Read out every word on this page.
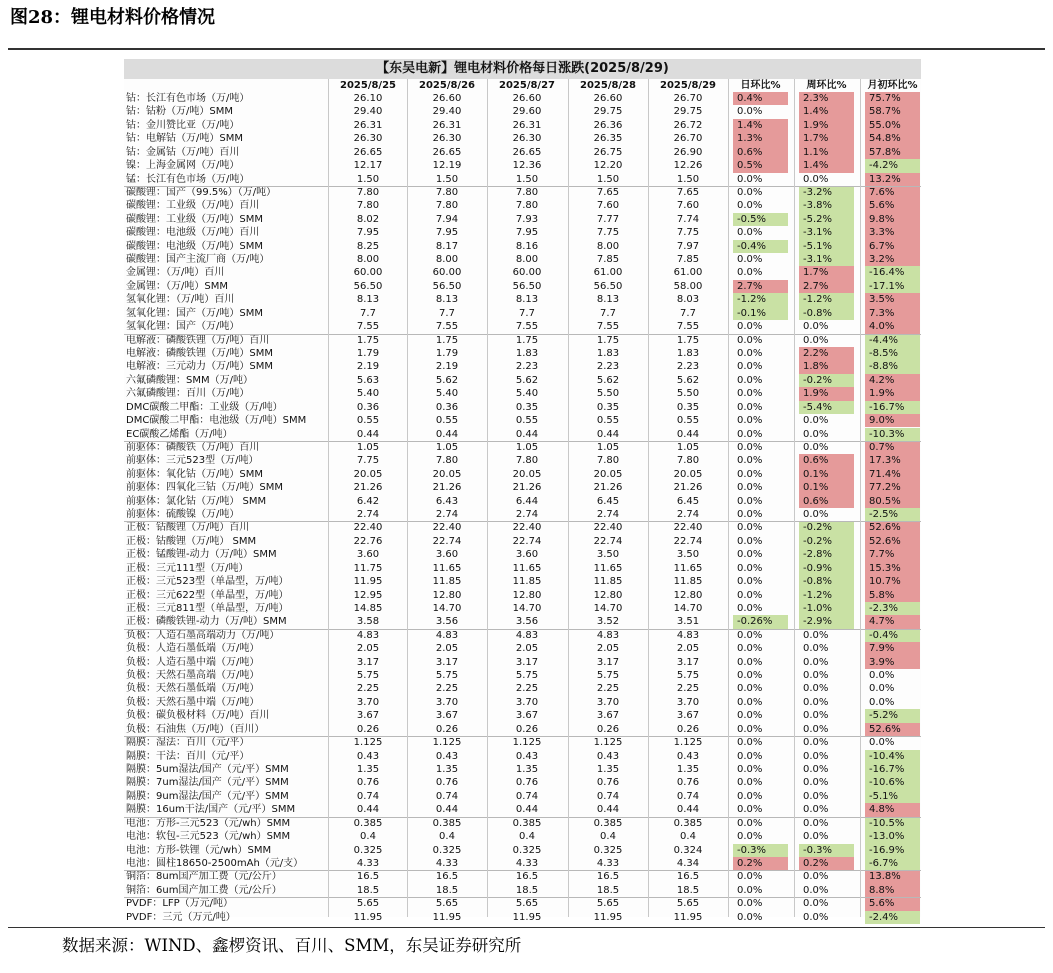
图28：锂电材料价格情况
【东吴电新】锂电材料价格每日涨跌(2025/8/29)
2025/8/25	2025/8/26	2025/8/27	2025/8/28	2025/8/29	日环比%	周环比%	月初环比%
钴：长江有色市场（万/吨）	26.10	26.60	26.60	26.60	26.70	0.4%	2.3%	75.7%
钴：钴粉（万/吨）SMM	29.40	29.40	29.60	29.75	29.75	0.0%	1.4%	58.7%
钴：金川赞比亚（万/吨）	26.31	26.31	26.31	26.36	26.72	1.4%	1.9%	55.0%
钴：电解钴（万/吨）SMM	26.30	26.30	26.30	26.35	26.70	1.3%	1.7%	54.8%
钴：金属钴（万/吨）百川	26.65	26.65	26.65	26.75	26.90	0.6%	1.1%	57.8%
镍：上海金属网（万/吨）	12.17	12.19	12.36	12.20	12.26	0.5%	1.4%	-4.2%
锰：长江有色市场（万/吨）	1.50	1.50	1.50	1.50	1.50	0.0%	0.0%	13.2%
碳酸锂：国产（99.5%）（万/吨）	7.80	7.80	7.80	7.65	7.65	0.0%	-3.2%	7.6%
碳酸锂：工业级（万/吨）百川	7.80	7.80	7.80	7.60	7.60	0.0%	-3.8%	5.6%
碳酸锂：工业级（万/吨）SMM	8.02	7.94	7.93	7.77	7.74	-0.5%	-5.2%	9.8%
碳酸锂：电池级（万/吨）百川	7.95	7.95	7.95	7.75	7.75	0.0%	-3.1%	3.3%
碳酸锂：电池级（万/吨）SMM	8.25	8.17	8.16	8.00	7.97	-0.4%	-5.1%	6.7%
碳酸锂：国产主流厂商（万/吨）	8.00	8.00	8.00	7.85	7.85	0.0%	-3.1%	3.2%
金属锂：（万/吨）百川	60.00	60.00	60.00	61.00	61.00	0.0%	1.7%	-16.4%
金属锂：（万/吨）SMM	56.50	56.50	56.50	56.50	58.00	2.7%	2.7%	-17.1%
氢氧化锂：（万/吨）百川	8.13	8.13	8.13	8.13	8.03	-1.2%	-1.2%	3.5%
氢氧化锂：国产（万/吨）SMM	7.7	7.7	7.7	7.7	7.7	-0.1%	-0.8%	7.3%
氢氧化锂：国产（万/吨）	7.55	7.55	7.55	7.55	7.55	0.0%	0.0%	4.0%
电解液：磷酸铁锂（万/吨）百川	1.75	1.75	1.75	1.75	1.75	0.0%	0.0%	-4.4%
电解液：磷酸铁锂（万/吨）SMM	1.79	1.79	1.83	1.83	1.83	0.0%	2.2%	-8.5%
电解液：三元动力（万/吨）SMM	2.19	2.19	2.23	2.23	2.23	0.0%	1.8%	-8.8%
六氟磷酸锂：SMM（万/吨）	5.63	5.62	5.62	5.62	5.62	0.0%	-0.2%	4.2%
六氟磷酸锂：百川（万/吨）	5.40	5.40	5.40	5.50	5.50	0.0%	1.9%	1.9%
DMC碳酸二甲酯：工业级（万/吨）	0.36	0.36	0.35	0.35	0.35	0.0%	-5.4%	-16.7%
DMC碳酸二甲酯：电池级（万/吨）SMM	0.55	0.55	0.55	0.55	0.55	0.0%	0.0%	9.0%
EC碳酸乙烯酯（万/吨）	0.44	0.44	0.44	0.44	0.44	0.0%	0.0%	-10.3%
前驱体：磷酸铁（万/吨）百川	1.05	1.05	1.05	1.05	1.05	0.0%	0.0%	0.7%
前驱体：三元523型（万/吨）	7.75	7.80	7.80	7.80	7.80	0.0%	0.6%	17.3%
前驱体：氧化钴（万/吨）SMM	20.05	20.05	20.05	20.05	20.05	0.0%	0.1%	71.4%
前驱体：四氧化三钴（万/吨）SMM	21.26	21.26	21.26	21.26	21.26	0.0%	0.1%	77.2%
前驱体：氯化钴（万/吨） SMM	6.42	6.43	6.44	6.45	6.45	0.0%	0.6%	80.5%
前驱体：硫酸镍（万/吨）	2.74	2.74	2.74	2.74	2.74	0.0%	0.0%	-2.5%
正极：钴酸锂（万/吨）百川	22.40	22.40	22.40	22.40	22.40	0.0%	-0.2%	52.6%
正极：钴酸锂（万/吨） SMM	22.76	22.74	22.74	22.74	22.74	0.0%	-0.2%	52.6%
正极：锰酸锂-动力（万/吨）SMM	3.60	3.60	3.60	3.50	3.50	0.0%	-2.8%	7.7%
正极：三元111型（万/吨）	11.75	11.65	11.65	11.65	11.65	0.0%	-0.9%	15.3%
正极：三元523型（单晶型，万/吨）	11.95	11.85	11.85	11.85	11.85	0.0%	-0.8%	10.7%
正极：三元622型（单晶型，万/吨）	12.95	12.80	12.80	12.80	12.80	0.0%	-1.2%	5.8%
正极：三元811型（单晶型，万/吨）	14.85	14.70	14.70	14.70	14.70	0.0%	-1.0%	-2.3%
正极：磷酸铁锂-动力（万/吨）SMM	3.58	3.56	3.56	3.52	3.51	-0.26%	-2.9%	4.7%
负极：人造石墨高端动力（万/吨）	4.83	4.83	4.83	4.83	4.83	0.0%	0.0%	-0.4%
负极：人造石墨低端（万/吨）	2.05	2.05	2.05	2.05	2.05	0.0%	0.0%	7.9%
负极：人造石墨中端（万/吨）	3.17	3.17	3.17	3.17	3.17	0.0%	0.0%	3.9%
负极：天然石墨高端（万/吨）	5.75	5.75	5.75	5.75	5.75	0.0%	0.0%	0.0%
负极：天然石墨低端（万/吨）	2.25	2.25	2.25	2.25	2.25	0.0%	0.0%	0.0%
负极：天然石墨中端（万/吨）	3.70	3.70	3.70	3.70	3.70	0.0%	0.0%	0.0%
负极：碳负极材料（万/吨）百川	3.67	3.67	3.67	3.67	3.67	0.0%	0.0%	-5.2%
负极：石油焦（万/吨）（百川）	0.26	0.26	0.26	0.26	0.26	0.0%	0.0%	52.6%
隔膜：湿法：百川（元/平）	1.125	1.125	1.125	1.125	1.125	0.0%	0.0%	0.0%
隔膜：干法：百川（元/平）	0.43	0.43	0.43	0.43	0.43	0.0%	0.0%	-10.4%
隔膜：5um湿法/国产（元/平）SMM	1.35	1.35	1.35	1.35	1.35	0.0%	0.0%	-16.7%
隔膜：7um湿法/国产（元/平）SMM	0.76	0.76	0.76	0.76	0.76	0.0%	0.0%	-10.6%
隔膜：9um湿法/国产（元/平）SMM	0.74	0.74	0.74	0.74	0.74	0.0%	0.0%	-5.1%
隔膜：16um干法/国产（元/平）SMM	0.44	0.44	0.44	0.44	0.44	0.0%	0.0%	4.8%
电池：方形-三元523（元/wh）SMM	0.385	0.385	0.385	0.385	0.385	0.0%	0.0%	-10.5%
电池：软包-三元523（元/wh）SMM	0.4	0.4	0.4	0.4	0.4	0.0%	0.0%	-13.0%
电池：方形-铁锂（元/wh）SMM	0.325	0.325	0.325	0.325	0.324	-0.3%	-0.3%	-16.9%
电池：圆柱18650-2500mAh（元/支）	4.33	4.33	4.33	4.33	4.34	0.2%	0.2%	-6.7%
铜箔：8um国产加工费（元/公斤）	16.5	16.5	16.5	16.5	16.5	0.0%	0.0%	13.8%
铜箔：6um国产加工费（元/公斤）	18.5	18.5	18.5	18.5	18.5	0.0%	0.0%	8.8%
PVDF：LFP（万元/吨）	5.65	5.65	5.65	5.65	5.65	0.0%	0.0%	5.6%
PVDF：三元（万元/吨）	11.95	11.95	11.95	11.95	11.95	0.0%	0.0%	-2.4%
数据来源：WIND、鑫椤资讯、百川、SMM，东吴证券研究所
